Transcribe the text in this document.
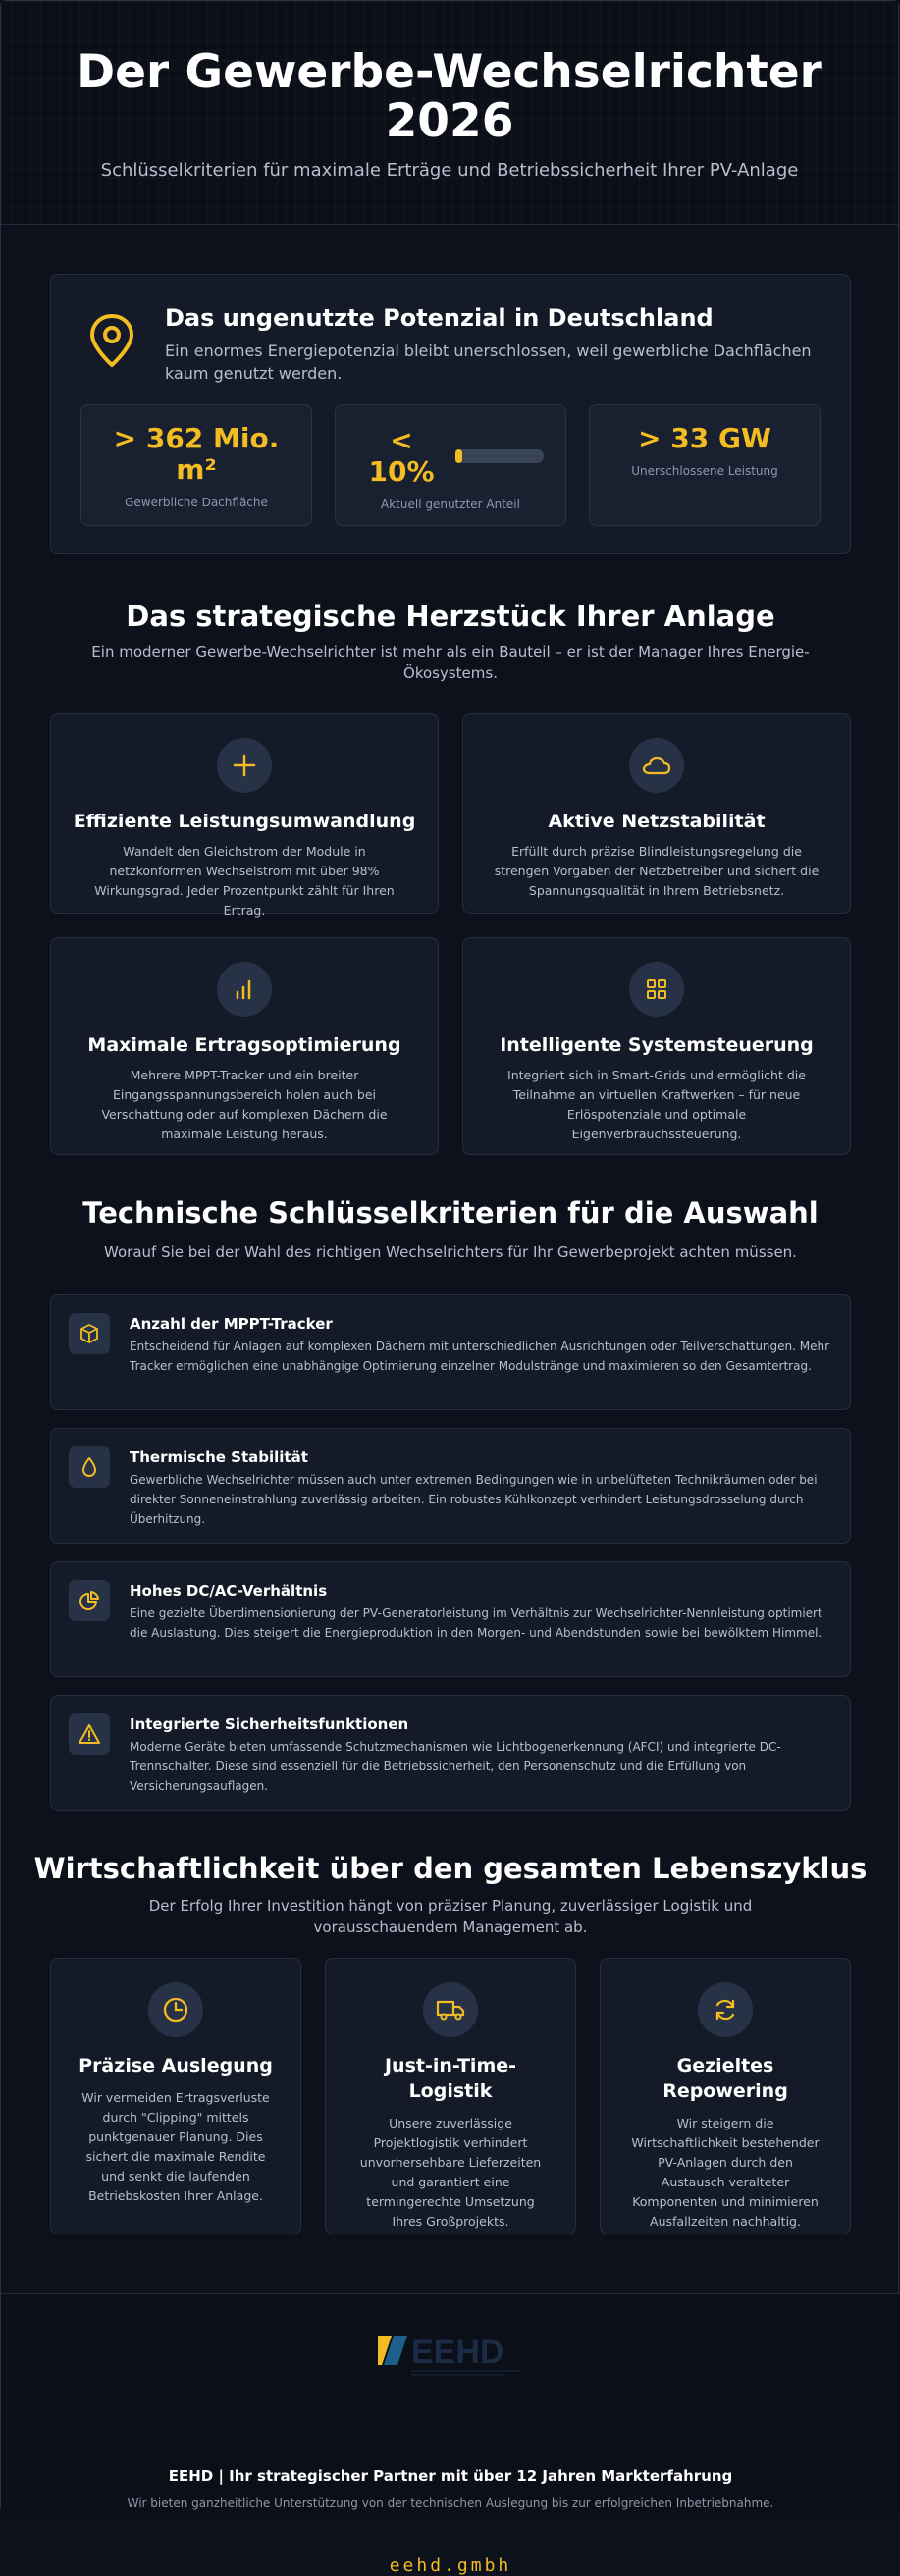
Der Gewerbe-Wechselrichter 2026

Schlüsselkriterien für maximale Erträge und Betriebssicherheit Ihrer PV-Anlage

Das ungenutzte Potenzial in Deutschland

Ein enormes Energiepotenzial bleibt unerschlossen, weil gewerbliche Dachflächen kaum genutzt werden.

> 362 Mio. m²
Gewerbliche Dachfläche
< 10%
Aktuell genutzter Anteil
> 33 GW
Unerschlossene Leistung
Das strategische Herzstück Ihrer Anlage

Ein moderner Gewerbe-Wechselrichter ist mehr als ein Bauteil – er ist der Manager Ihres Energie-Ökosystems.

Effiziente Leistungsumwandlung

Wandelt den Gleichstrom der Module in netzkonformen Wechselstrom mit über 98% Wirkungsgrad. Jeder Prozentpunkt zählt für Ihren Ertrag.

Aktive Netzstabilität

Erfüllt durch präzise Blindleistungsregelung die strengen Vorgaben der Netzbetreiber und sichert die Spannungsqualität in Ihrem Betriebsnetz.

Maximale Ertragsoptimierung

Mehrere MPPT-Tracker und ein breiter Eingangsspannungsbereich holen auch bei Verschattung oder auf komplexen Dächern die maximale Leistung heraus.

Intelligente Systemsteuerung

Integriert sich in Smart-Grids und ermöglicht die Teilnahme an virtuellen Kraftwerken – für neue Erlöspotenziale und optimale Eigenverbrauchssteuerung.

Technische Schlüsselkriterien für die Auswahl

Worauf Sie bei der Wahl des richtigen Wechselrichters für Ihr Gewerbeprojekt achten müssen.

Anzahl der MPPT-Tracker

Entscheidend für Anlagen auf komplexen Dächern mit unterschiedlichen Ausrichtungen oder Teilverschattungen. Mehr Tracker ermöglichen eine unabhängige Optimierung einzelner Modulstränge und maximieren so den Gesamtertrag.

Thermische Stabilität

Gewerbliche Wechselrichter müssen auch unter extremen Bedingungen wie in unbelüfteten Technikräumen oder bei direkter Sonneneinstrahlung zuverlässig arbeiten. Ein robustes Kühlkonzept verhindert Leistungsdrosselung durch Überhitzung.

Hohes DC/AC-Verhältnis

Eine gezielte Überdimensionierung der PV-Generatorleistung im Verhältnis zur Wechselrichter-Nennleistung optimiert die Auslastung. Dies steigert die Energieproduktion in den Morgen- und Abendstunden sowie bei bewölktem Himmel.

Integrierte Sicherheitsfunktionen

Moderne Geräte bieten umfassende Schutzmechanismen wie Lichtbogenerkennung (AFCI) und integrierte DC-Trennschalter. Diese sind essenziell für die Betriebssicherheit, den Personenschutz und die Erfüllung von Versicherungsauflagen.

Wirtschaftlichkeit über den gesamten Lebenszyklus

Der Erfolg Ihrer Investition hängt von präziser Planung, zuverlässiger Logistik und vorausschauendem Management ab.

Präzise Auslegung

Wir vermeiden Ertragsverluste durch "Clipping" mittels punktgenauer Planung. Dies sichert die maximale Rendite und senkt die laufenden Betriebskosten Ihrer Anlage.

Just-in-Time-Logistik

Unsere zuverlässige Projektlogistik verhindert unvorhersehbare Lieferzeiten und garantiert eine termingerechte Umsetzung Ihres Großprojekts.

Gezieltes Repowering

Wir steigern die Wirtschaftlichkeit bestehender PV-Anlagen durch den Austausch veralteter Komponenten und minimieren Ausfallzeiten nachhaltig.

EEHD

EEHD | Ihr strategischer Partner mit über 12 Jahren Markterfahrung

Wir bieten ganzheitliche Unterstützung von der technischen Auslegung bis zur erfolgreichen Inbetriebnahme.

eehd.gmbh
